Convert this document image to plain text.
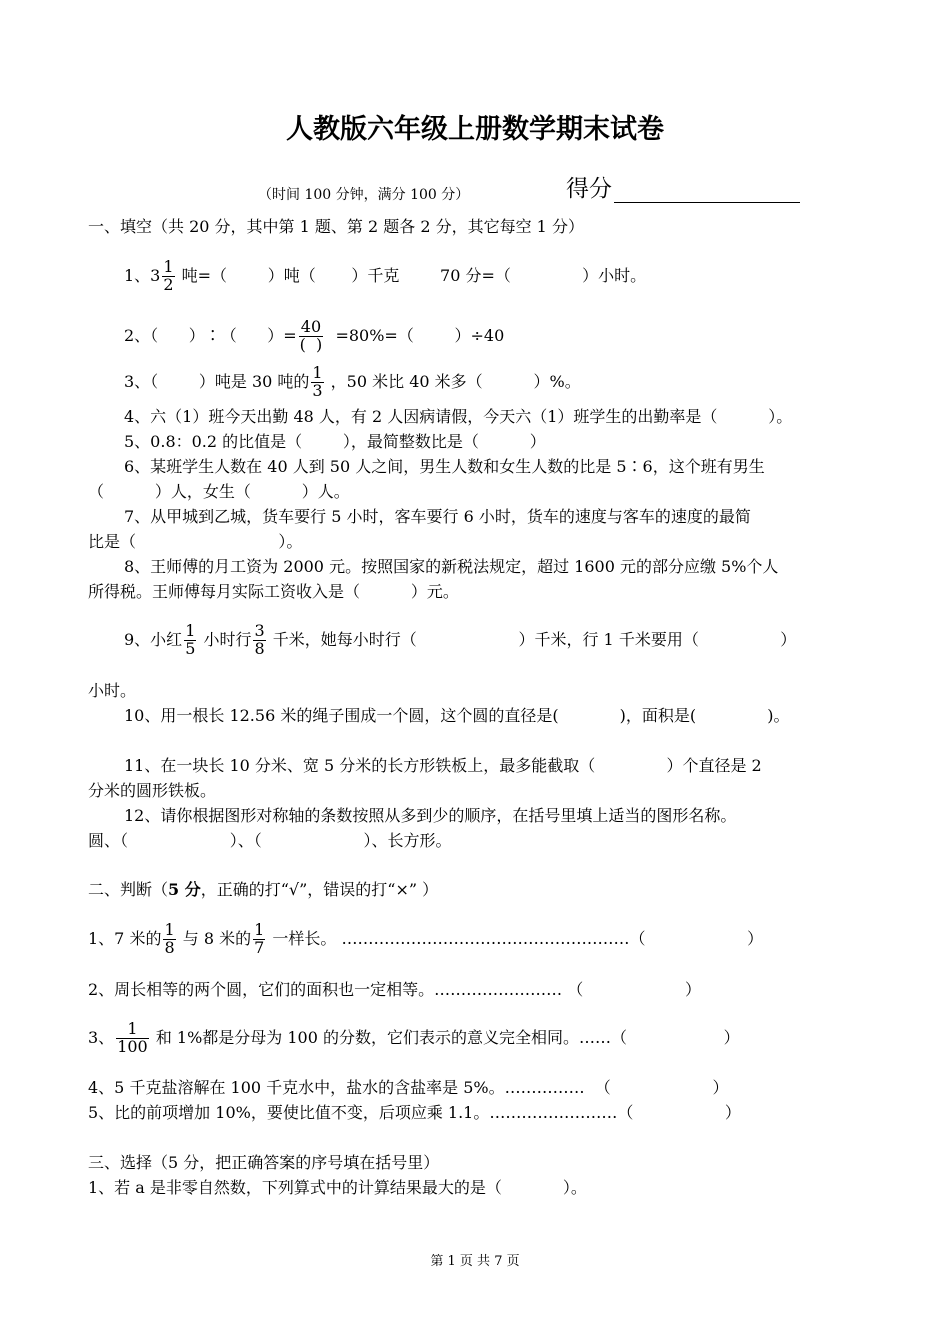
人教版六年级上册数学期末试卷
（时间 100 分钟，满分 100 分）	得分
一、填空（共 20 分，其中第 1 题、第 2 题各 2 分，其它每空 1 分）
1、$3 \frac{1}{2}$ 吨=（        ）吨（       ）千克        70 分=（              ）小时。
2、（      ）∶（      ）= $\frac{40}{( )} =80\%=$（        ）÷40
3、（        ）吨是 30 吨的 $\frac{1}{3}$ ，50 米比 40 米多（          ）%。
4、六（1）班今天出勤 48 人，有 2 人因病请假，今天六（1）班学生的出勤率是（          ）。
5、0.8：0.2 的比值是（        ），最简整数比是（          ）
6、某班学生人数在 40 人到 50 人之间，男生人数和女生人数的比是 5∶6，这个班有男生
（          ）人，女生（          ）人。
7、从甲城到乙城，货车要行 5 小时，客车要行 6 小时，货车的速度与客车的速度的最简
比是（                            ）。
8、王师傅的月工资为 2000 元。按照国家的新税法规定，超过 1600 元的部分应缴 5%个人
所得税。王师傅每月实际工资收入是（          ）元。
9、小红 $\frac{1}{5}$ 小时行 $\frac{3}{8}$ 千米，她每小时行（                    ）千米，行 1 千米要用（                ）
小时。
10、用一根长 12.56 米的绳子围成一个圆，这个圆的直径是(            )，面积是(              )。
11、在一块长 10 分米、宽 5 分米的长方形铁板上，最多能截取（              ）个直径是 2
分米的圆形铁板。
12、请你根据图形对称轴的条数按照从多到少的顺序，在括号里填上适当的图形名称。
圆、（                    ）、（                    ）、长方形。
二、判断（5 分，正确的打“√”，错误的打“×” ）
1、7 米的 $\frac{1}{8}$ 与 8 米的 $\frac{1}{7}$ 一样长。 ………………………………………………（                    ）
2、周长相等的两个圆，它们的面积也一定相等。…………………… （                    ）
3、 $\frac{1}{100}$ 和 1%都是分母为 100 的分数，它们表示的意义完全相同。……（                   ）
4、5 千克盐溶解在 100 千克水中，盐水的含盐率是 5%。……………  （                    ）
5、比的前项增加 10%，要使比值不变，后项应乘 1.1。……………………（                  ）
三、选择（5 分，把正确答案的序号填在括号里）
1、若 a 是非零自然数，下列算式中的计算结果最大的是（            ）。
第 1 页 共 7 页
